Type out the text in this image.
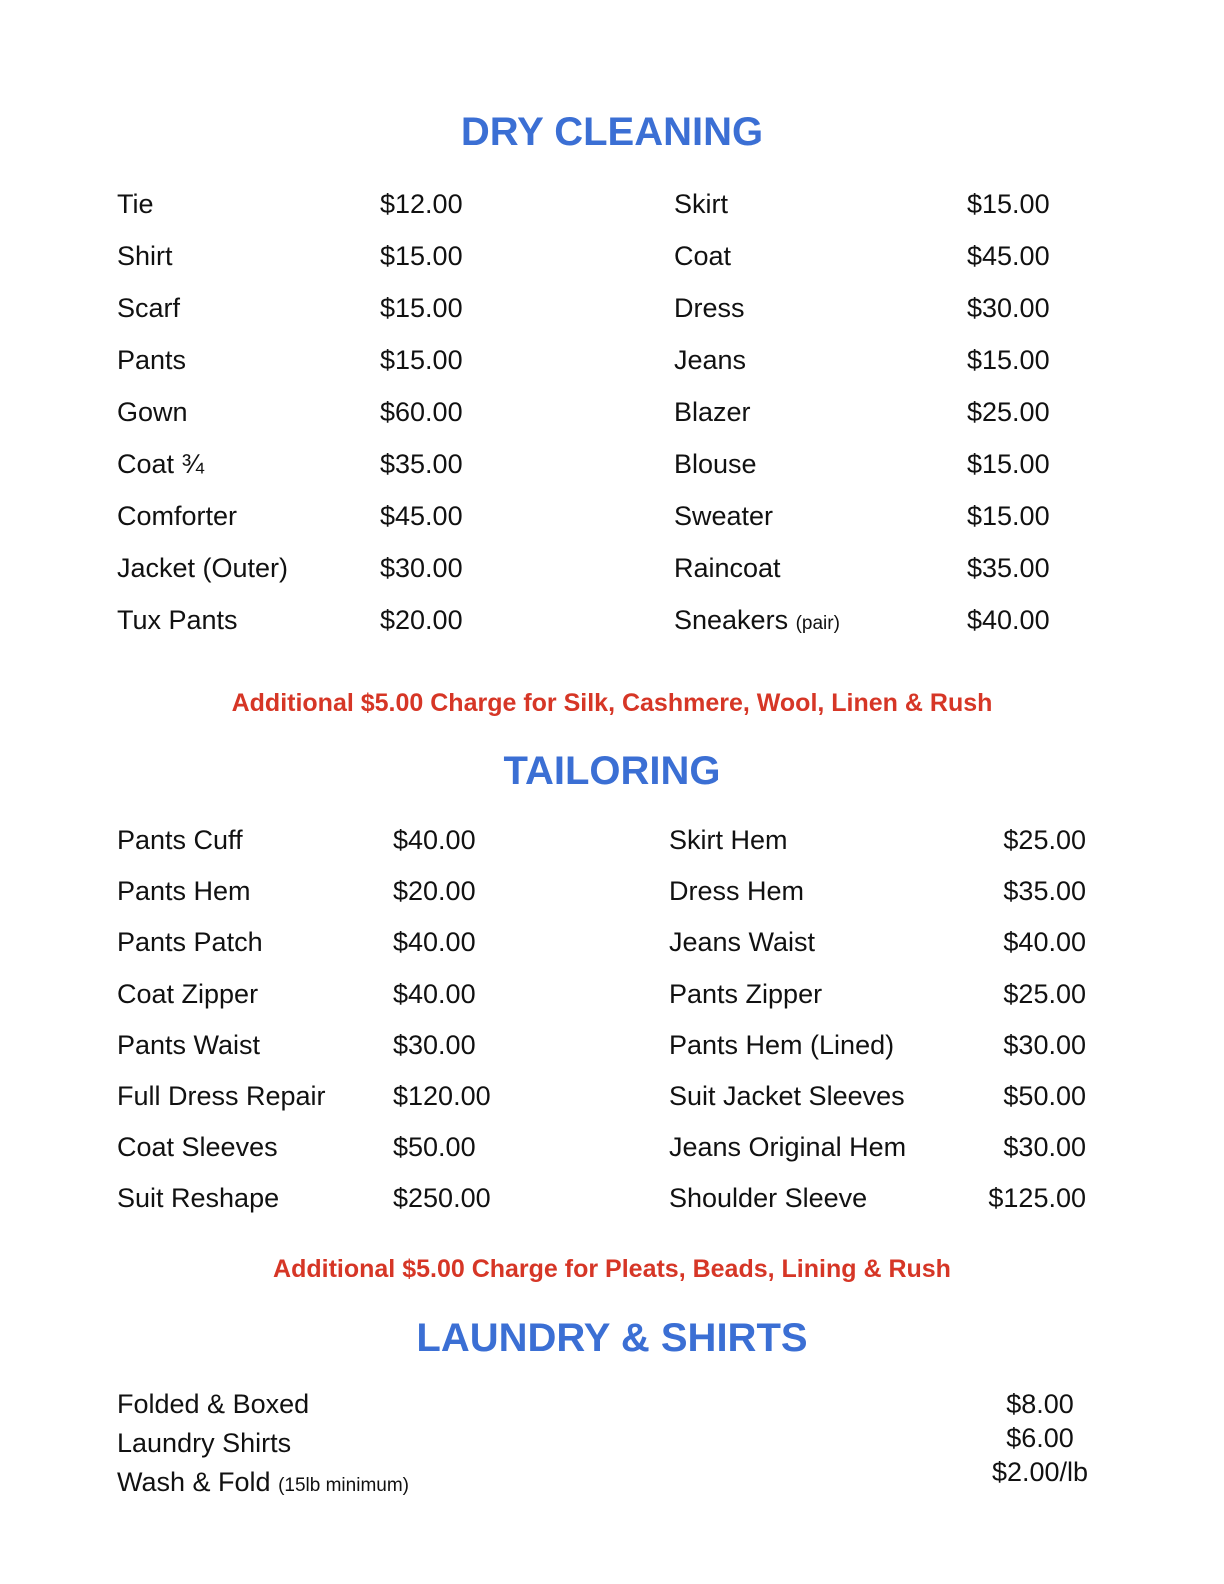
DRY CLEANING
Tie	$12.00
Shirt	$15.00
Scarf	$15.00
Pants	$15.00
Gown	$60.00
Coat ¾	$35.00
Comforter	$45.00
Jacket (Outer)	$30.00
Tux Pants	$20.00
Skirt	$15.00
Coat	$45.00
Dress	$30.00
Jeans	$15.00
Blazer	$25.00
Blouse	$15.00
Sweater	$15.00
Raincoat	$35.00
Sneakers (pair)	$40.00
Additional $5.00 Charge for Silk, Cashmere, Wool, Linen & Rush
TAILORING
Pants Cuff	$40.00
Pants Hem	$20.00
Pants Patch	$40.00
Coat Zipper	$40.00
Pants Waist	$30.00
Full Dress Repair $120.00
Coat Sleeves	$50.00
Suit Reshape	$250.00
Skirt Hem	$25.00
Dress Hem	$35.00
Jeans Waist	$40.00
Pants Zipper	$25.00
Pants Hem (Lined)	$30.00
Suit Jacket Sleeves	$50.00
Jeans Original Hem	$30.00
Shoulder Sleeve	$125.00
Additional $5.00 Charge for Pleats, Beads, Lining & Rush
LAUNDRY & SHIRTS
Folded & Boxed	$8.00
Laundry Shirts	$6.00
Wash & Fold (15lb minimum)	$2.00/lb
